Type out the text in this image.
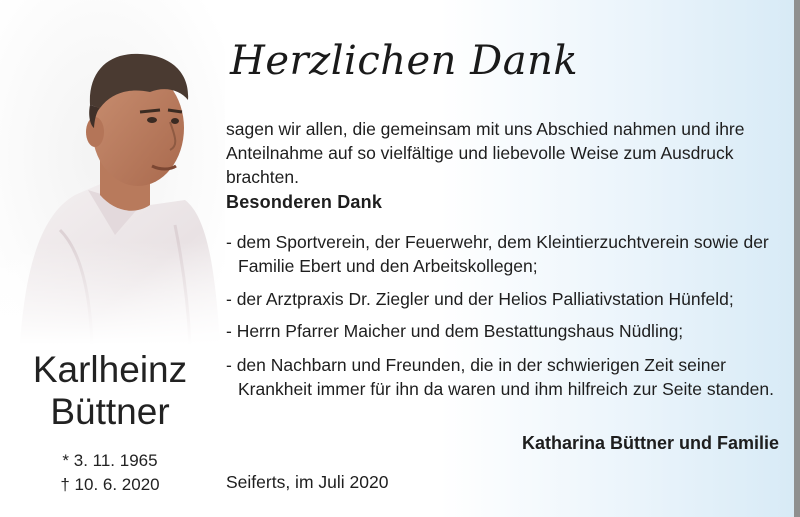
Karlheinz
Büttner
* 3. 11. 1965
† 10. 6. 2020
Herzlichen Dank
sagen wir allen, die gemeinsam mit uns Abschied nahmen und ihre Anteilnahme auf so vielfältige und liebevolle Weise zum Ausdruck brachten.
Besonderen Dank
- dem Sportverein, der Feuerwehr, dem Kleintierzuchtverein sowie der Familie Ebert und den Arbeitskollegen;
- der Arztpraxis Dr. Ziegler und der Helios Palliativstation Hünfeld;
- Herrn Pfarrer Maicher und dem Bestattungshaus Nüdling;
- den Nachbarn und Freunden, die in der schwierigen Zeit seiner Krankheit immer für ihn da waren und ihm hilfreich zur Seite standen.
Katharina Büttner und Familie
Seiferts, im Juli 2020
